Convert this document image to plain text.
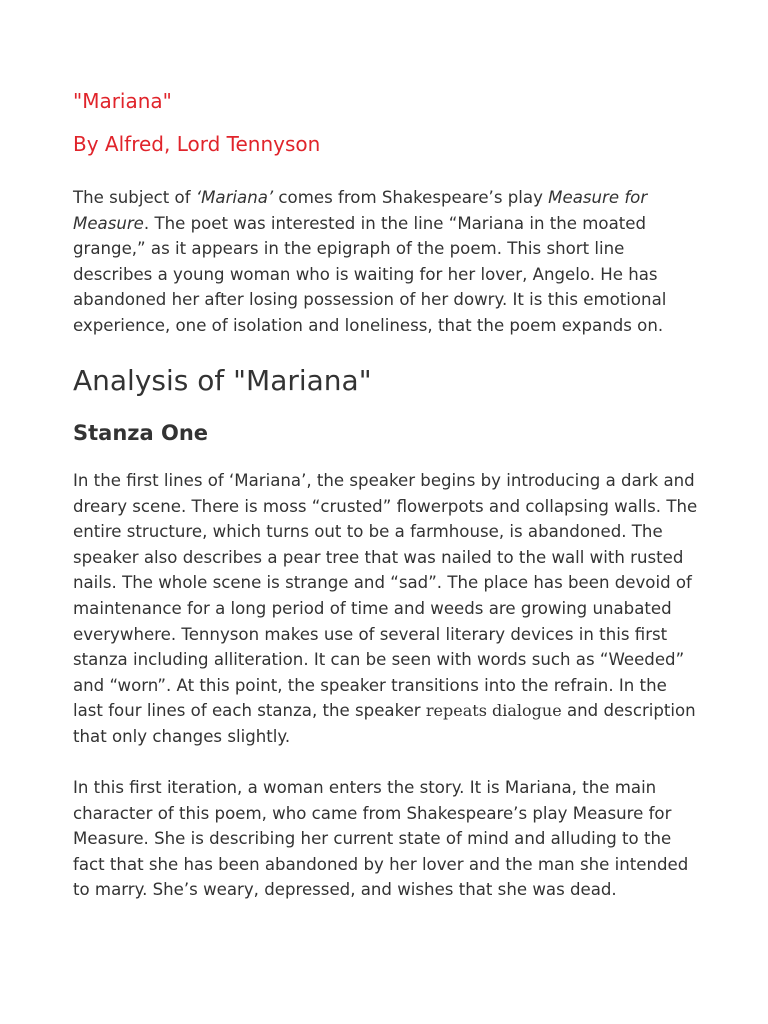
"Mariana"
By Alfred, Lord Tennyson

The subject of ‘Mariana’ comes from Shakespeare’s play Measure for Measure. The poet was interested in the line “Mariana in the moated grange,” as it appears in the epigraph of the poem. This short line describes a young woman who is waiting for her lover, Angelo. He has abandoned her after losing possession of her dowry. It is this emotional experience, one of isolation and loneliness, that the poem expands on.

Analysis of "Mariana"
Stanza One

In the first lines of ‘Mariana’, the speaker begins by introducing a dark and dreary scene. There is moss “crusted” flowerpots and collapsing walls. The entire structure, which turns out to be a farmhouse, is abandoned. The speaker also describes a pear tree that was nailed to the wall with rusted nails. The whole scene is strange and “sad”. The place has been devoid of maintenance for a long period of time and weeds are growing unabated everywhere. Tennyson makes use of several literary devices in this first stanza including alliteration. It can be seen with words such as “Weeded” and “worn”. At this point, the speaker transitions into the refrain. In the last four lines of each stanza, the speaker repeats dialogue and description that only changes slightly.

In this first iteration, a woman enters the story. It is Mariana, the main character of this poem, who came from Shakespeare’s play Measure for Measure. She is describing her current state of mind and alluding to the fact that she has been abandoned by her lover and the man she intended to marry. She’s weary, depressed, and wishes that she was dead.
